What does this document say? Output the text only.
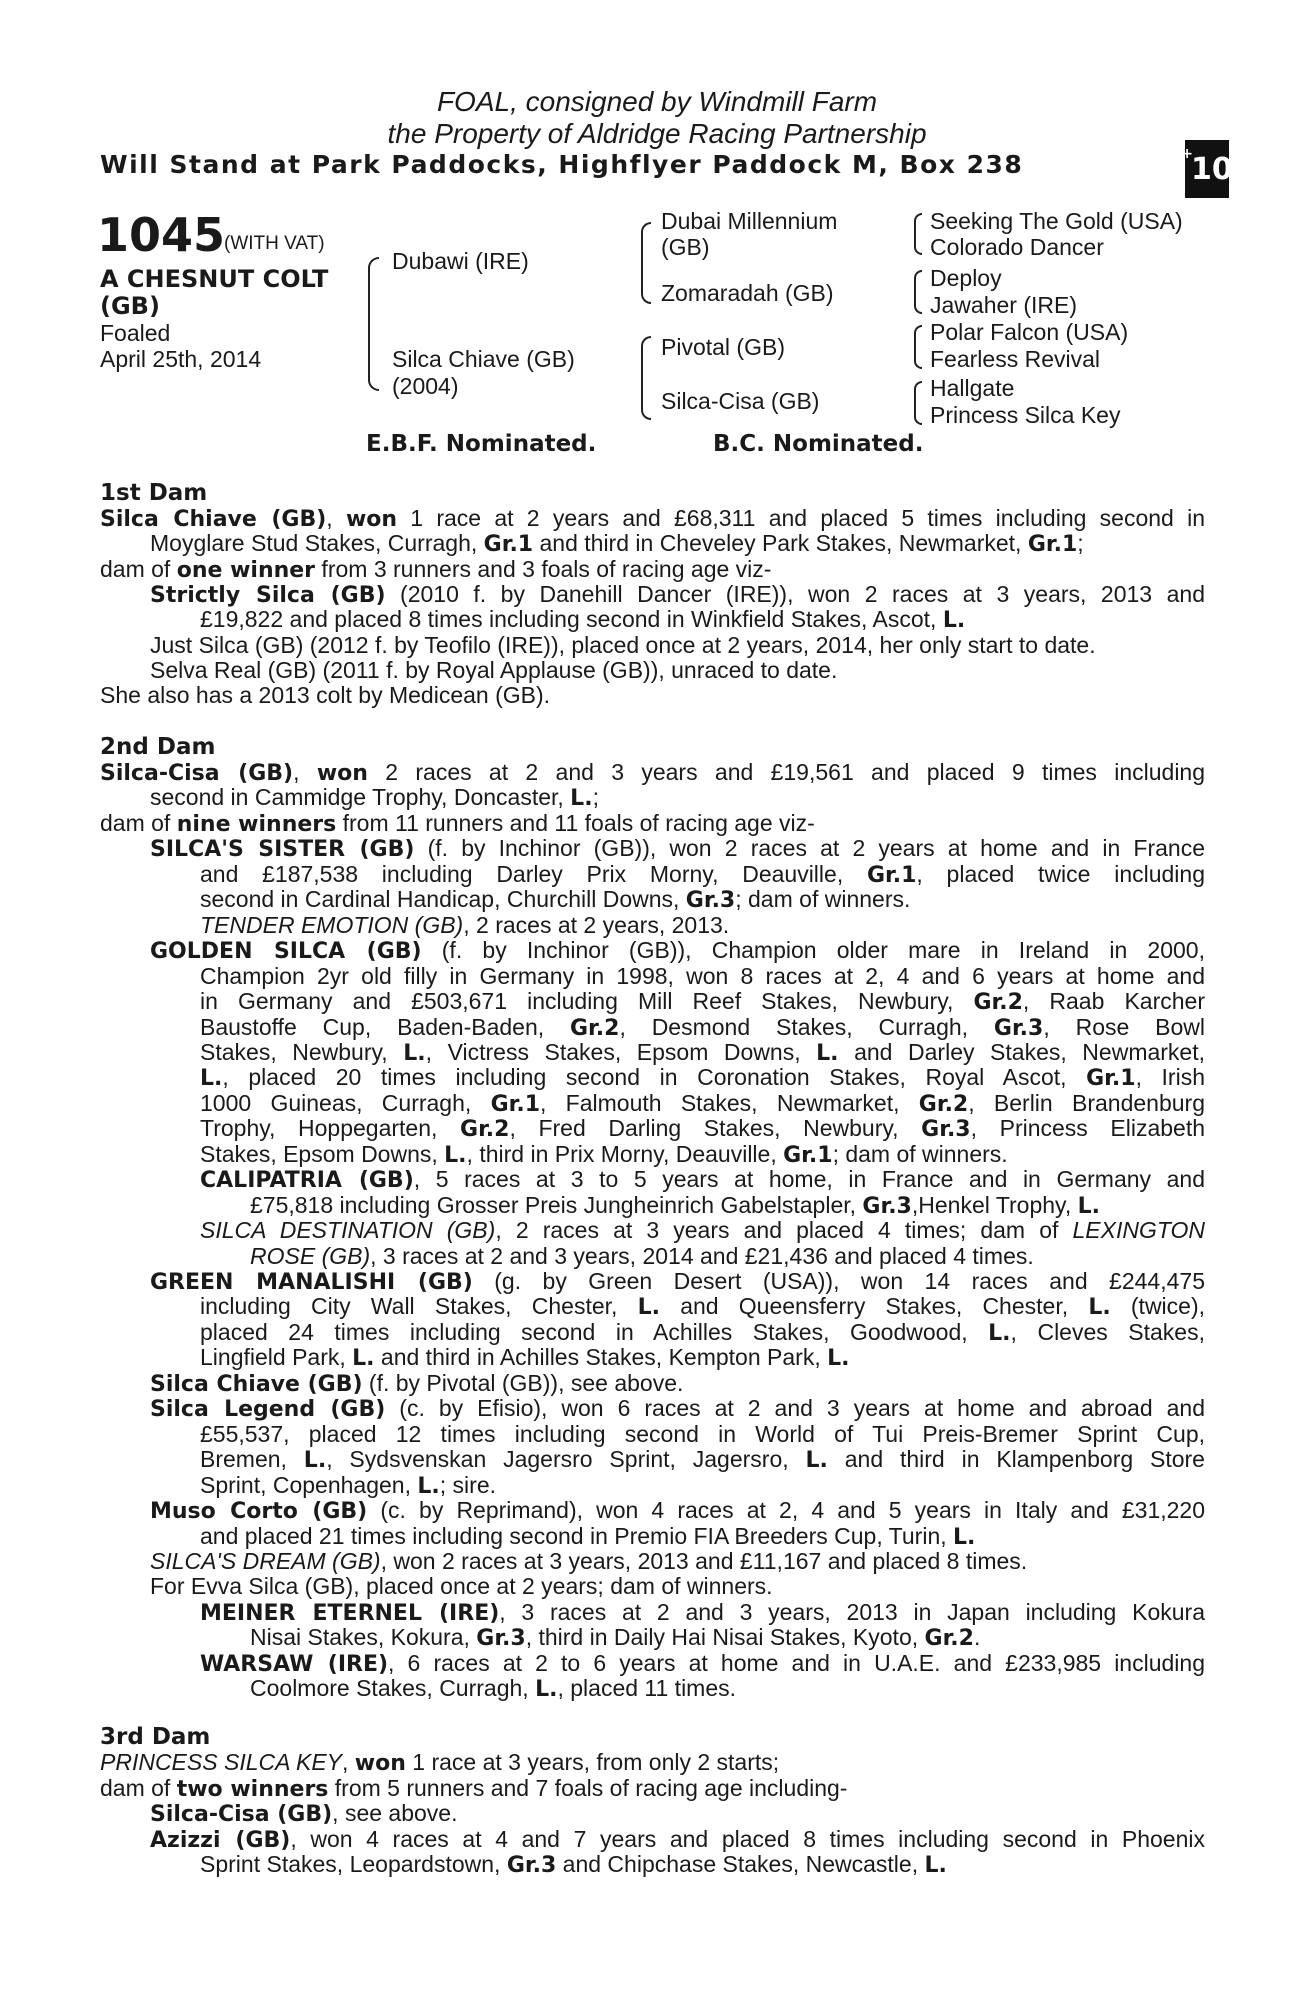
FOAL, consigned by Windmill Farm
the Property of Aldridge Racing Partnership
Will Stand at Park Paddocks, Highflyer Paddock M, Box 238	+
10
1045
(WITH VAT)
A CHESNUT COLT
(GB)
Foaled
April 25th, 2014
Dubawi (IRE)
Silca Chiave (GB)
(2004)
Dubai Millennium
(GB)
Zomaradah (GB)
Pivotal (GB)
Silca-Cisa (GB)
Seeking The Gold (USA)
Colorado Dancer
Deploy
Jawaher (IRE)
Polar Falcon (USA)
Fearless Revival
Hallgate
Princess Silca Key
E.B.F. Nominated.	B.C. Nominated.
1st Dam
Silca Chiave (GB), won 1 race at 2 years and £68,311 and placed 5 times including second in
Moyglare Stud Stakes, Curragh, Gr.1 and third in Cheveley Park Stakes, Newmarket, Gr.1;
dam of one winner from 3 runners and 3 foals of racing age viz-
Strictly Silca (GB) (2010 f. by Danehill Dancer (IRE)), won 2 races at 3 years, 2013 and
£19,822 and placed 8 times including second in Winkfield Stakes, Ascot, L.
Just Silca (GB) (2012 f. by Teofilo (IRE)), placed once at 2 years, 2014, her only start to date.
Selva Real (GB) (2011 f. by Royal Applause (GB)), unraced to date.
She also has a 2013 colt by Medicean (GB).
2nd Dam
Silca-Cisa (GB), won 2 races at 2 and 3 years and £19,561 and placed 9 times including
second in Cammidge Trophy, Doncaster, L.;
dam of nine winners from 11 runners and 11 foals of racing age viz-
SILCA'S SISTER (GB) (f. by Inchinor (GB)), won 2 races at 2 years at home and in France
and £187,538 including Darley Prix Morny, Deauville, Gr.1, placed twice including
second in Cardinal Handicap, Churchill Downs, Gr.3; dam of winners.
TENDER EMOTION (GB), 2 races at 2 years, 2013.
GOLDEN SILCA (GB) (f. by Inchinor (GB)), Champion older mare in Ireland in 2000,
Champion 2yr old filly in Germany in 1998, won 8 races at 2, 4 and 6 years at home and
in Germany and £503,671 including Mill Reef Stakes, Newbury, Gr.2, Raab Karcher
Baustoffe Cup, Baden-Baden, Gr.2, Desmond Stakes, Curragh, Gr.3, Rose Bowl
Stakes, Newbury, L., Victress Stakes, Epsom Downs, L. and Darley Stakes, Newmarket,
L., placed 20 times including second in Coronation Stakes, Royal Ascot, Gr.1, Irish
1000 Guineas, Curragh, Gr.1, Falmouth Stakes, Newmarket, Gr.2, Berlin Brandenburg
Trophy, Hoppegarten, Gr.2, Fred Darling Stakes, Newbury, Gr.3, Princess Elizabeth
Stakes, Epsom Downs, L., third in Prix Morny, Deauville, Gr.1; dam of winners.
CALIPATRIA (GB), 5 races at 3 to 5 years at home, in France and in Germany and
£75,818 including Grosser Preis Jungheinrich Gabelstapler, Gr.3,Henkel Trophy, L.
SILCA DESTINATION (GB), 2 races at 3 years and placed 4 times; dam of LEXINGTON
ROSE (GB), 3 races at 2 and 3 years, 2014 and £21,436 and placed 4 times.
GREEN MANALISHI (GB) (g. by Green Desert (USA)), won 14 races and £244,475
including City Wall Stakes, Chester, L. and Queensferry Stakes, Chester, L. (twice),
placed 24 times including second in Achilles Stakes, Goodwood, L., Cleves Stakes,
Lingfield Park, L. and third in Achilles Stakes, Kempton Park, L.
Silca Chiave (GB) (f. by Pivotal (GB)), see above.
Silca Legend (GB) (c. by Efisio), won 6 races at 2 and 3 years at home and abroad and
£55,537, placed 12 times including second in World of Tui Preis-Bremer Sprint Cup,
Bremen, L., Sydsvenskan Jagersro Sprint, Jagersro, L. and third in Klampenborg Store
Sprint, Copenhagen, L.; sire.
Muso Corto (GB) (c. by Reprimand), won 4 races at 2, 4 and 5 years in Italy and £31,220
and placed 21 times including second in Premio FIA Breeders Cup, Turin, L.
SILCA'S DREAM (GB), won 2 races at 3 years, 2013 and £11,167 and placed 8 times.
For Evva Silca (GB), placed once at 2 years; dam of winners.
MEINER ETERNEL (IRE), 3 races at 2 and 3 years, 2013 in Japan including Kokura
Nisai Stakes, Kokura, Gr.3, third in Daily Hai Nisai Stakes, Kyoto, Gr.2.
WARSAW (IRE), 6 races at 2 to 6 years at home and in U.A.E. and £233,985 including
Coolmore Stakes, Curragh, L., placed 11 times.
3rd Dam
PRINCESS SILCA KEY, won 1 race at 3 years, from only 2 starts;
dam of two winners from 5 runners and 7 foals of racing age including-
Silca-Cisa (GB), see above.
Azizzi (GB), won 4 races at 4 and 7 years and placed 8 times including second in Phoenix
Sprint Stakes, Leopardstown, Gr.3 and Chipchase Stakes, Newcastle, L.
